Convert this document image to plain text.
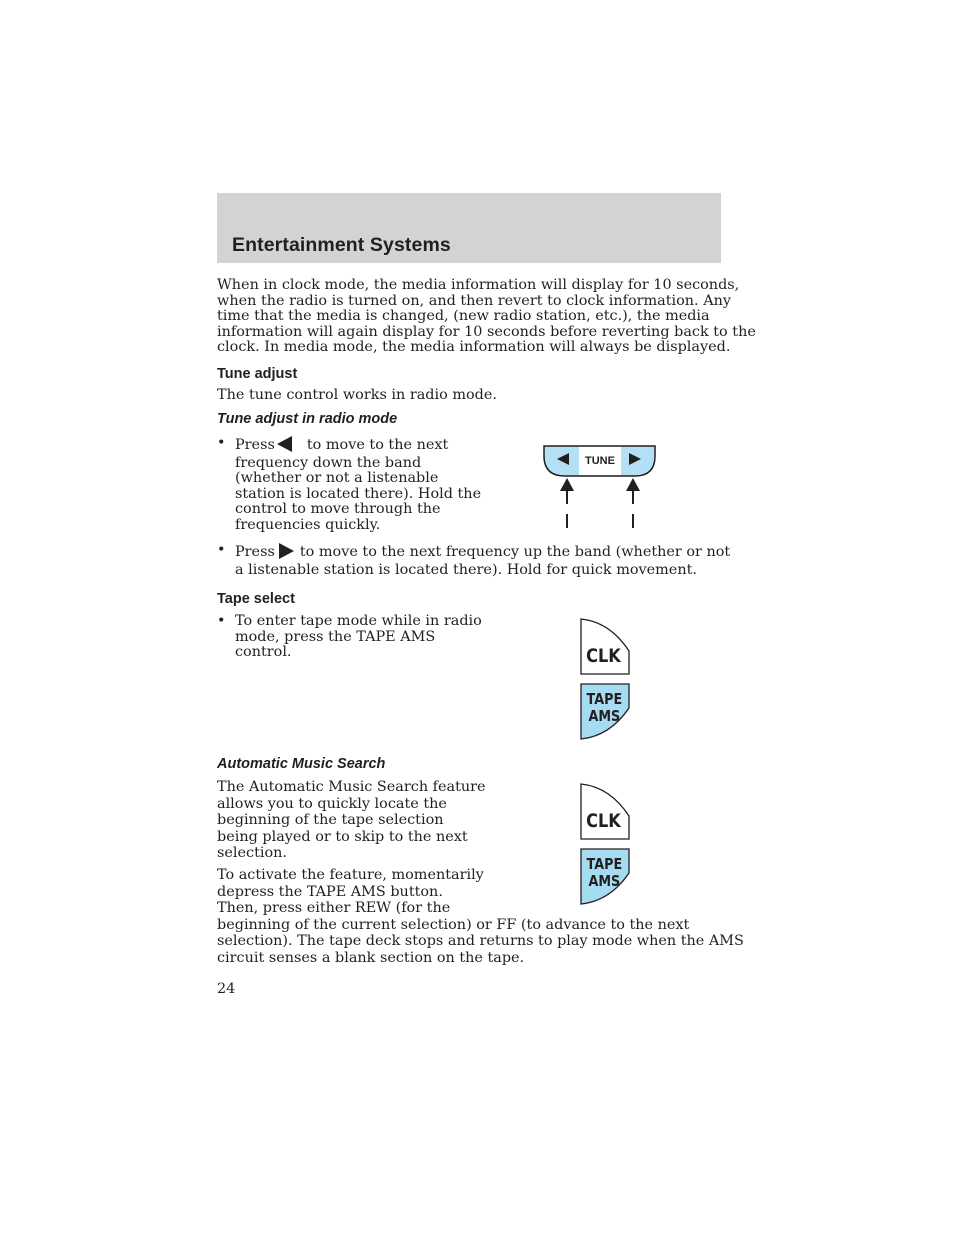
Entertainment Systems
When in clock mode, the media information will display for 10 seconds,
when the radio is turned on, and then revert to clock information. Any
time that the media is changed, (new radio station, etc.), the media
information will again display for 10 seconds before reverting back to the
clock. In media mode, the media information will always be displayed.
Tune adjust
The tune control works in radio mode.
Tune adjust in radio mode
• Press to move to the next
frequency down the band
(whether or not a listenable
station is located there). Hold the
control to move through the
frequencies quickly.
TUNE
• Press to move to the next frequency up the band (whether or not
a listenable station is located there). Hold for quick movement.
Tape select
• To enter tape mode while in radio
mode, press the TAPE AMS
control.	CLK
TAPE
AMS
Automatic Music Search
The Automatic Music Search feature
allows you to quickly locate the
beginning of the tape selection
being played or to skip to the next
selection.
To activate the feature, momentarily
depress the TAPE AMS button.
Then, press either REW (for the
beginning of the current selection) or FF (to advance to the next
selection). The tape deck stops and returns to play mode when the AMS
circuit senses a blank section on the tape.
CLK
TAPE
AMS
24
